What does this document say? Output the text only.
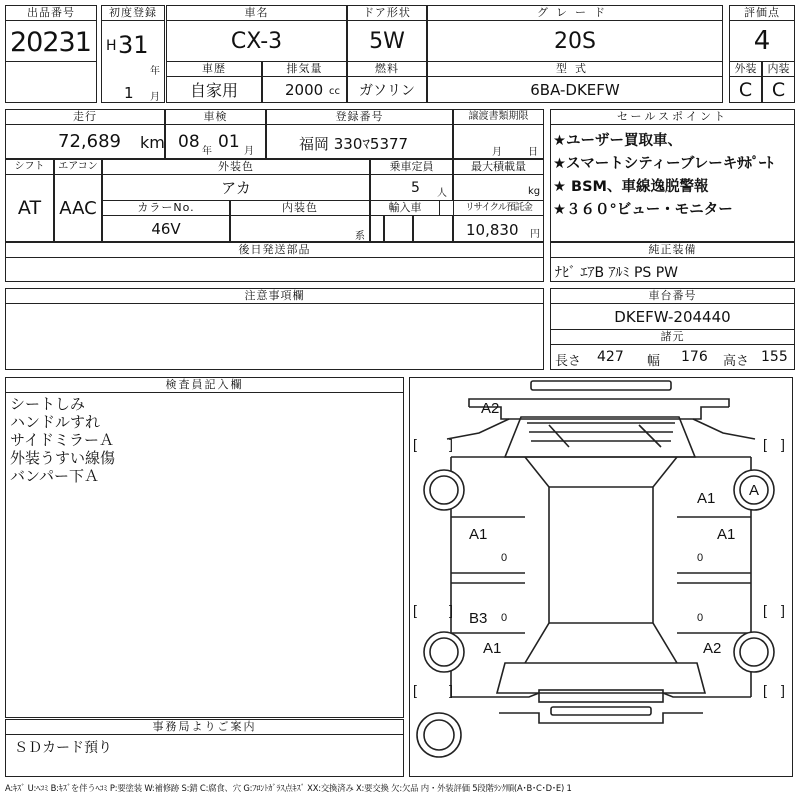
出品番号
20231
初度登録
H 31
年
1 月
車名
CX-3
ドア形状
5W
グレード
20S
評価点
4
車歴
自家用
排気量
2000 cc
燃料
ガソリン
型式
6BA-DKEFW
外装	内装
C	C
走行
72,689 km
車検
08 年 01 月
登録番号
福岡 330ﾏ5377
譲渡書類期限
月	日
シフト
AT
エアコン
AAC
外装色
アカ
乗車定員
5 人
最大積載量
kg
カラーNo.
46V
内装色
系
輸入車	リサイクル預託金
10,830 円
後日発送部品
セールスポイント
★ユーザー買取車、
★スマートシティーブレーキｻﾎﾟｰﾄ
★ BSM、車線逸脱警報
★３６０°ビュー・モニター
純正装備
ﾅﾋﾞ ｴｱB ｱﾙﾐ PS PW
注意事項欄	車台番号
DKEFW-204440
諸元
長さ 427 幅 176 高さ 155
検査員記入欄
シートしみ
ハンドルすれ
サイドミラーＡ
外装うすい線傷
バンパー下Ａ
事務局よりご案内
ＳＤカード預り
[ ]	[ ]
[ ]	[ ]
[ ]	[ ]
A2
A1 A
A1	A1
B3
A1	A2
0	0
0	0
A:ｷｽﾞ U:ﾍｺﾐ B:ｷｽﾞを伴うﾍｺﾐ P:要塗装 W:補修跡 S:錆 C:腐食、穴 G:ﾌﾛﾝﾄｶﾞﾗｽ点ｷｽﾞ XX:交換済み X:要交換 欠:欠品 内・外装評価 5段階ﾗﾝｸ順(A･B･C･D･E) 1
